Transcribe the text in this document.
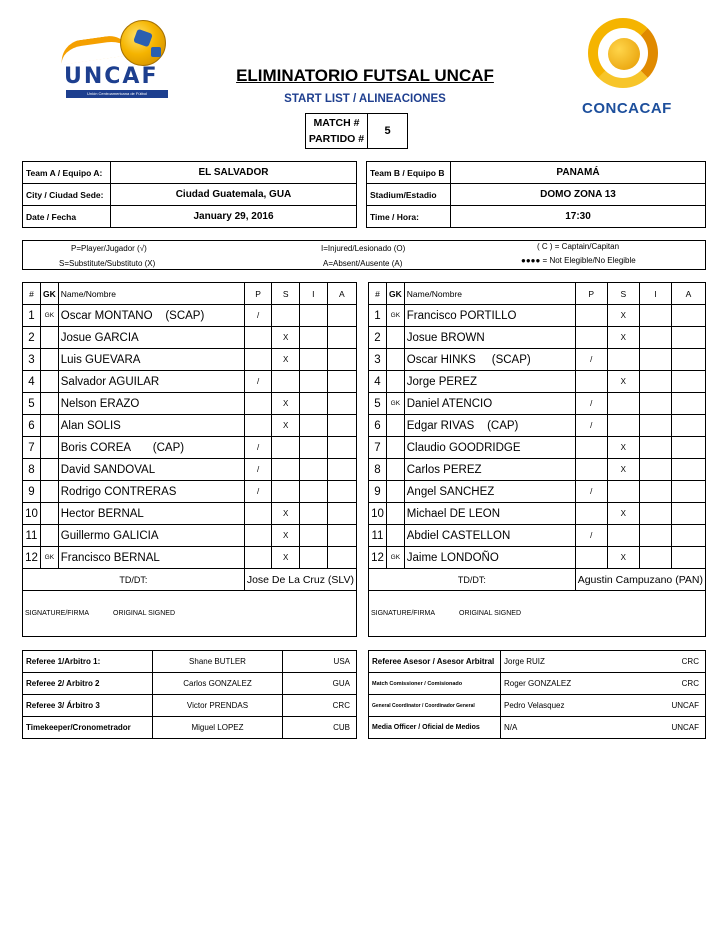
UNCAF
Unión Centroamericana de Fútbol
CONCACAF
ELIMINATORIO FUTSAL UNCAF
START LIST / ALINEACIONES
MATCH #
PARTIDO #
5
Team A / Equipo A:	EL SALVADOR		Team B / Equipo B	PANAMÁ
City / Ciudad Sede:	Ciudad Guatemala, GUA		Stadium/Estadio	DOMO ZONA 13
Date / Fecha	January 29, 2016		Time / Hora:	17:30
P=Player/Jugador (√)
S=Substitute/Substituto (X)
I=Injured/Lesionado (O)
A=Absent/Ausente (A)
( C ) = Captain/Capitan
●●●● = Not Elegible/No Elegible
#	GK	Name/Nombre	P	S	I	A
1	GK	Oscar MONTANO    (SCAP)	/			
2		Josue GARCIA		X		
3		Luis GUEVARA		X		
4		Salvador AGUILAR	/			
5		Nelson ERAZO		X		
6		Alan SOLIS		X		
7		Boris COREA       (CAP)	/			
8		David SANDOVAL	/			
9		Rodrigo CONTRERAS	/			
10		Hector BERNAL		X		
11		Guillermo GALICIA		X		
12	GK	Francisco BERNAL		X		
TD/DT:			Jose De La Cruz (SLV)			
SIGNATURE/FIRMA ORIGINAL SIGNED						
#	GK	Name/Nombre	P	S	I	A
1	GK	Francisco PORTILLO		X		
2		Josue BROWN		X		
3		Oscar HINKS     (SCAP)	/			
4		Jorge PEREZ		X		
5	GK	Daniel ATENCIO	/			
6		Edgar RIVAS    (CAP)	/			
7		Claudio GOODRIDGE		X		
8		Carlos PEREZ		X		
9		Angel SANCHEZ	/			
10		Michael DE LEON		X		
11		Abdiel CASTELLON	/			
12	GK	Jaime LONDOÑO		X		
TD/DT:			Agustin Campuzano (PAN)			
SIGNATURE/FIRMA ORIGINAL SIGNED						
Referee 1/Arbitro 1:	Shane BUTLER	USA
Referee 2/ Arbitro 2	Carlos GONZALEZ	GUA
Referee 3/ Árbitro 3	Victor PRENDAS	CRC
Timekeeper/Cronometrador	Miguel LOPEZ	CUB
Referee Asesor / Asesor Arbitral	Jorge RUIZ	CRC
Match Comissioner / Comisionado	Roger GONZALEZ	CRC
General Coordinator / Coordinador General	Pedro Velasquez	UNCAF
Media Officer / Oficial de Medios	N/A	UNCAF
